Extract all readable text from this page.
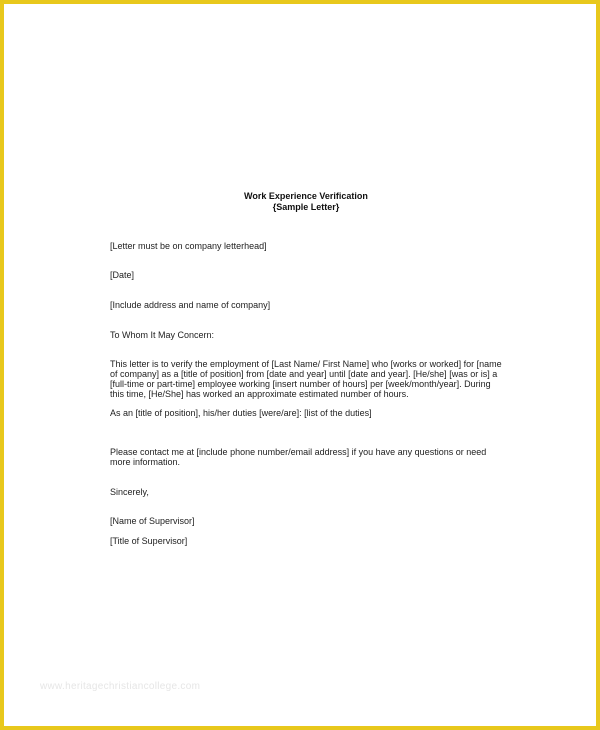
Work Experience Verification
{Sample Letter}
[Letter must be on company letterhead]
[Date]
[Include address and name of company]
To Whom It May Concern:
This letter is to verify the employment of [Last Name/ First Name] who [works or worked] for [name of company] as a [title of position] from [date and year] until [date and year]. [He/she] [was or is] a [full-time or part-time] employee working [insert number of hours] per [week/month/year]. During this time, [He/She] has worked an approximate estimated number of hours.
As an [title of position], his/her duties [were/are]: [list of the duties]
Please contact me at [include phone number/email address] if you have any questions or need more information.
Sincerely,
[Name of Supervisor]
[Title of Supervisor]
www.heritagechristiancollege.com
